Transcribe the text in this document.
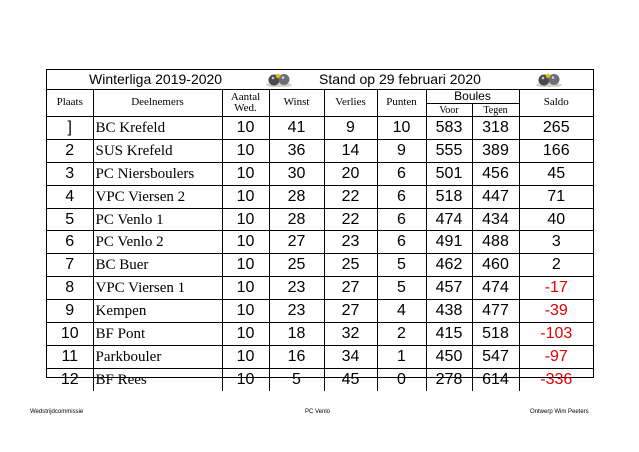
Winterliga 2019-2020	Stand op 29 februari 2020
Plaats	Deelnemers	Aantal Wed.	Winst	Verlies	Punten	Boules		Saldo
						Voor	Tegen	
]	BC Krefeld	10	41	9	10	583	318	265
2	SUS Krefeld	10	36	14	9	555	389	166
3	PC Niersboulers	10	30	20	6	501	456	45
4	VPC Viersen 2	10	28	22	6	518	447	71
5	PC Venlo 1	10	28	22	6	474	434	40
6	PC Venlo 2	10	27	23	6	491	488	3
7	BC Buer	10	25	25	5	462	460	2
8	VPC Viersen 1	10	23	27	5	457	474	-17
9	Kempen	10	23	27	4	438	477	-39
10	BF Pont	10	18	32	2	415	518	-103
11	Parkbouler	10	16	34	1	450	547	-97
12	BF Rees	10	5	45	0	278	614	-336
Wedstrijdcommissie	PC Venlo	Ontwerp Wim Peeters
